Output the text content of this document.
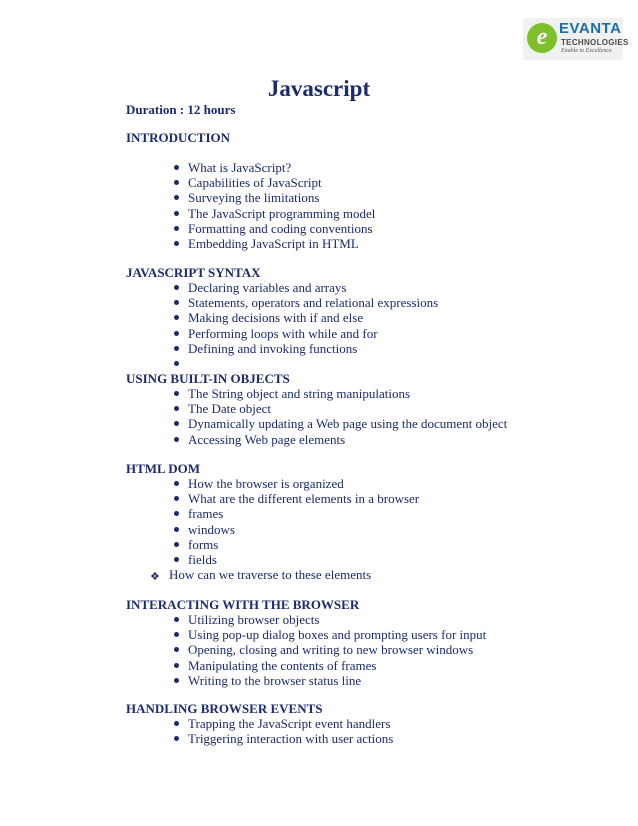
e EVANTA
TECHNOLOGIES
Enable to Excellence
Javascript

Duration : 12 hours

INTRODUCTION
What is JavaScript?
Capabilities of JavaScript
Surveying the limitations
The JavaScript programming model
Formatting and coding conventions
Embedding JavaScript in HTML
JAVASCRIPT SYNTAX
Declaring variables and arrays
Statements, operators and relational expressions
Making decisions with if and else
Performing loops with while and for
Defining and invoking functions
USING BUILT-IN OBJECTS
The String object and string manipulations
The Date object
Dynamically updating a Web page using the document object
Accessing Web page elements
HTML DOM
How the browser is organized
What are the different elements in a browser
frames
windows
forms
fields
❖ How can we traverse to these elements
INTERACTING WITH THE BROWSER
Utilizing browser objects
Using pop-up dialog boxes and prompting users for input
Opening, closing and writing to new browser windows
Manipulating the contents of frames
Writing to the browser status line
HANDLING BROWSER EVENTS
Trapping the JavaScript event handlers
Triggering interaction with user actions
